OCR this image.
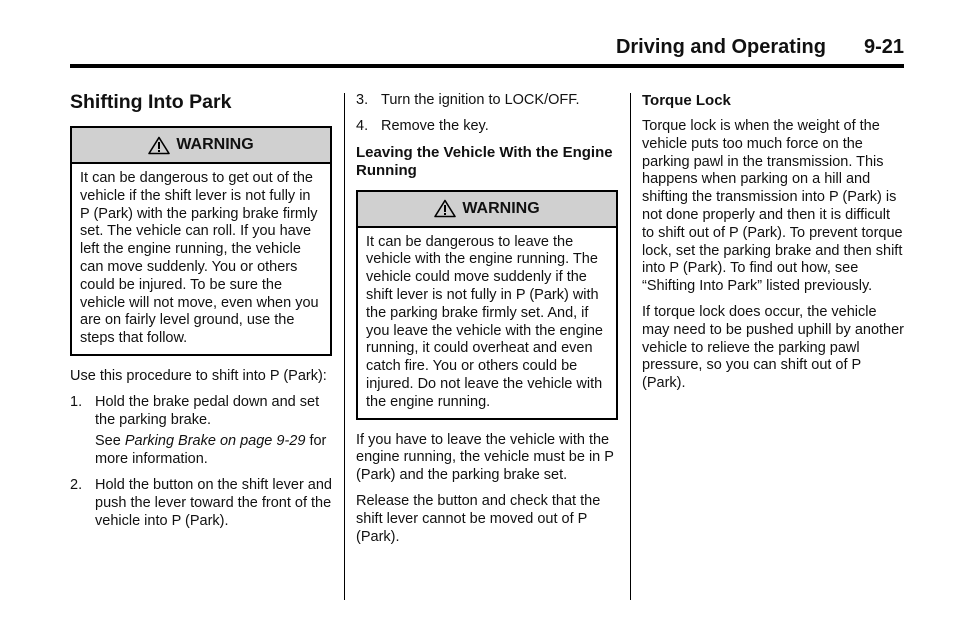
Driving and Operating 9-21
Shifting Into Park
WARNING
It can be dangerous to get out of the vehicle if the shift lever is not fully in P (Park) with the parking brake firmly set. The vehicle can roll. If you have left the engine running, the vehicle can move suddenly. You or others could be injured. To be sure the vehicle will not move, even when you are on fairly level ground, use the steps that follow.

Use this procedure to shift into P (Park):

1. Hold the brake pedal down and set the parking brake.

See Parking Brake on page 9‑29 for more information.

2. Hold the button on the shift lever and push the lever toward the front of the vehicle into P (Park).
3. Turn the ignition to LOCK/OFF.
4. Remove the key.
Leaving the Vehicle With the Engine Running
WARNING
It can be dangerous to leave the vehicle with the engine running. The vehicle could move suddenly if the shift lever is not fully in P (Park) with the parking brake firmly set. And, if you leave the vehicle with the engine running, it could overheat and even catch fire. You or others could be injured. Do not leave the vehicle with the engine running.

If you have to leave the vehicle with the engine running, the vehicle must be in P (Park) and the parking brake set.

Release the button and check that the shift lever cannot be moved out of P (Park).

Torque Lock

Torque lock is when the weight of the vehicle puts too much force on the parking pawl in the transmission. This happens when parking on a hill and shifting the transmission into P (Park) is not done properly and then it is difficult to shift out of P (Park). To prevent torque lock, set the parking brake and then shift into P (Park). To find out how, see “Shifting Into Park” listed previously.

If torque lock does occur, the vehicle may need to be pushed uphill by another vehicle to relieve the parking pawl pressure, so you can shift out of P (Park).
